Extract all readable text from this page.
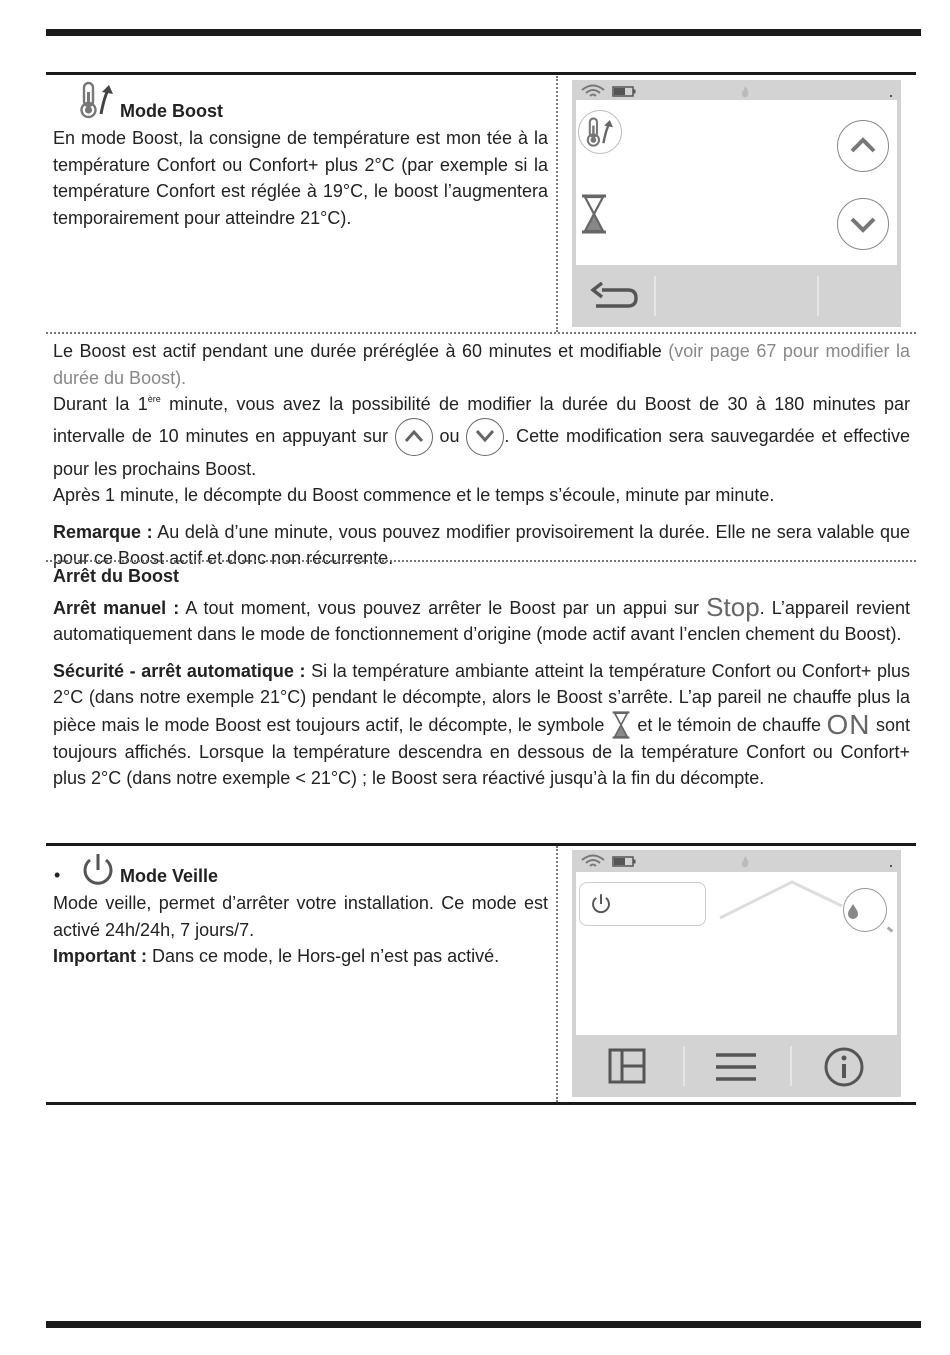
Mode Boost

En mode Boost, la consigne de température est mon tée à la température Confort ou Confort+ plus 2°C (par exemple si la température Confort est réglée à 19°C, le boost l’augmentera temporairement pour atteindre 21°C).

Le Boost est actif pendant une durée préréglée à 60 minutes et modifiable (voir page 67 pour modifier la durée du Boost).

Durant la 1ère minute, vous avez la possibilité de modifier la durée du Boost de 30 à 180 minutes par intervalle de 10 minutes en appuyant sur
ou
. Cette modification sera sauvegardée et effective pour les prochains Boost.

Après 1 minute, le décompte du Boost commence et le temps s’écoule, minute par minute.

Remarque : Au delà d’une minute, vous pouvez modifier provisoirement la durée. Elle ne sera valable que pour ce Boost actif et donc non récurrente.

Arrêt du Boost

Arrêt manuel : A tout moment, vous pouvez arrêter le Boost par un appui sur Stop. L’appareil revient automatiquement dans le mode de fonctionnement d’origine (mode actif avant l’enclen chement du Boost).

Sécurité - arrêt automatique : Si la température ambiante atteint la température Confort ou Confort+ plus 2°C (dans notre exemple 21°C) pendant le décompte, alors le Boost s’arrête. L’ap pareil ne chauffe plus la pièce mais le mode Boost est toujours actif, le décompte, le symbole  et le témoin de chauffe ON sont toujours affichés. Lorsque la température descendra en dessous de la température Confort ou Confort+ plus 2°C (dans notre exemple < 21°C) ; le Boost sera réactivé jusqu’à la fin du décompte.

•	Mode Veille

Mode veille, permet d’arrêter votre installation. Ce mode est activé 24h/24h, 7 jours/7.

Important : Dans ce mode, le Hors-gel n’est pas activé.
